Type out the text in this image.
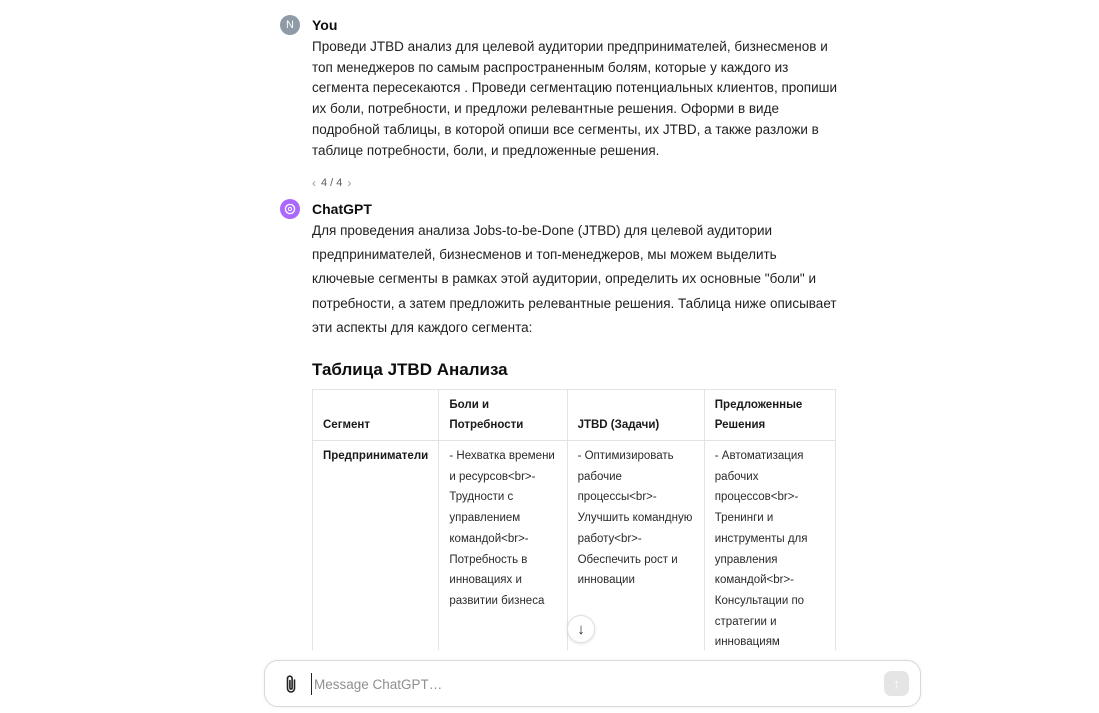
N	You
Проведи JTBD анализ для целевой аудитории предпринимателей, бизнесменов и топ менеджеров по самым распространенным болям, которые у каждого из сегмента пересекаются . Проведи сегментацию потенциальных клиентов, пропиши их боли, потребности, и предложи релевантные решения. Оформи в виде подробной таблицы, в которой опиши все сегменты, их JTBD, а также разложи в таблице потребности, боли, и предложенные решения.
‹ 4 / 4 ›
ChatGPT
Для проведения анализа Jobs-to-be-Done (JTBD) для целевой аудитории предпринимателей, бизнесменов и топ-менеджеров, мы можем выделить ключевые сегменты в рамках этой аудитории, определить их основные "боли" и потребности, а затем предложить релевантные решения. Таблица ниже описывает эти аспекты для каждого сегмента:
Таблица JTBD Анализа
Сегмент	Боли и Потребности	JTBD (Задачи)	Предложенные Решения
Предприниматели	- Нехватка времени и ресурсов<br>- Трудности с управлением командой<br>- Потребность в инновациях и развитии бизнеса	- Оптимизировать рабочие процессы<br>- Улучшить командную работу<br>- Обеспечить рост и инновации	- Автоматизация рабочих процессов<br>- Тренинги и инструменты для управления командой<br>- Консультации по стратегии и инновациям

↓
Message ChatGPT…
↑
